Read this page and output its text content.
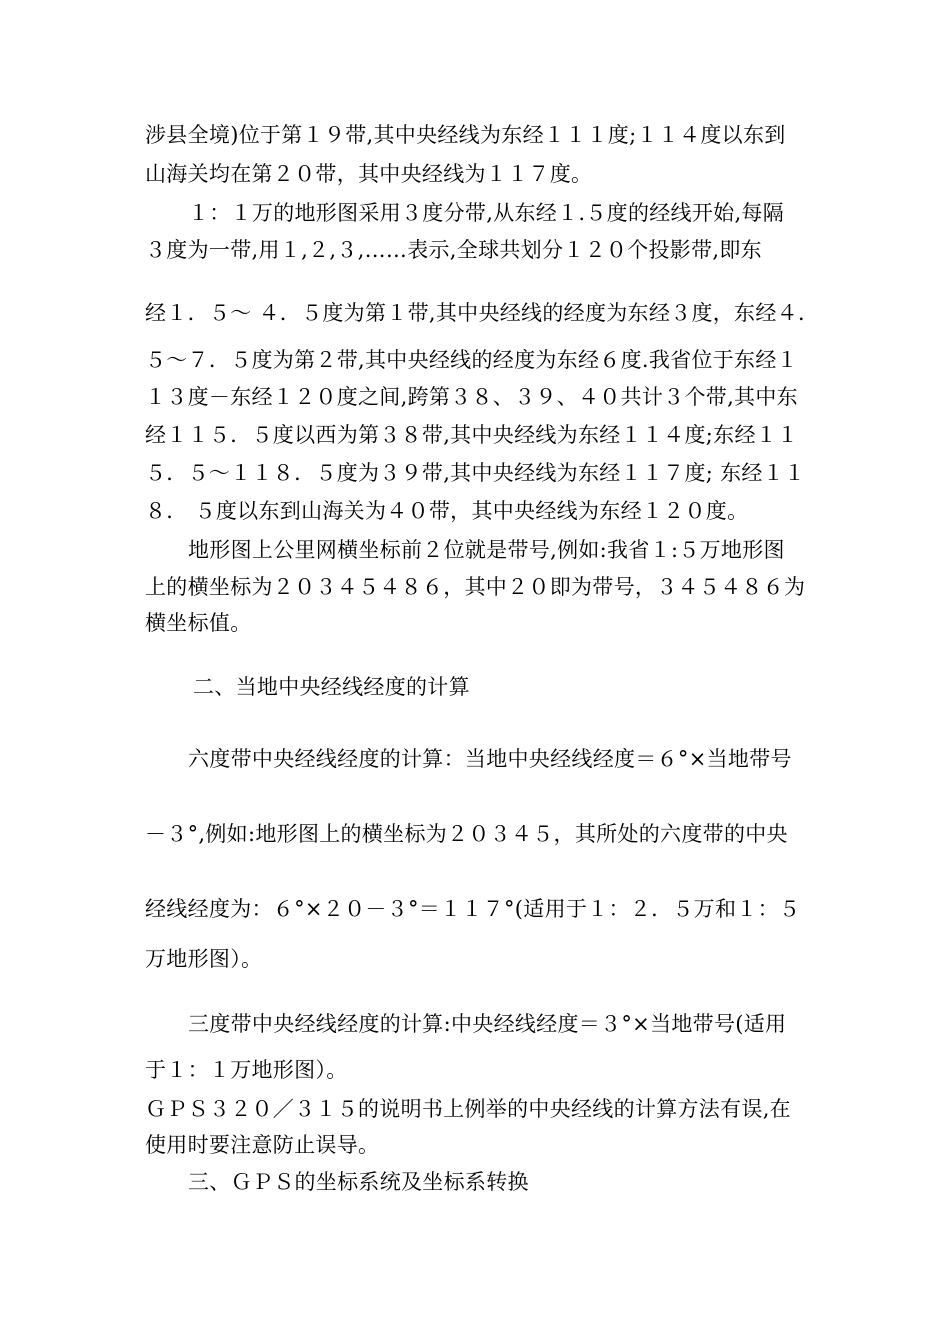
涉县全境)位于第１９带,其中央经线为东经１１１度;１１４度以东到
山海关均在第２０带，其中央经线为１１７度。
１：１万的地形图采用３度分带,从东经１.５度的经线开始,每隔
３度为一带,用１,２,３,……表示,全球共划分１２０个投影带,即东
经１．５～ ４．５度为第１带,其中央经线的经度为东经３度，东经４．
５～７．５度为第２带,其中央经线的经度为东经６度.我省位于东经１
１３度－东经１２０度之间,跨第３８、３９、４０共计３个带,其中东
经１１５．５度以西为第３８带,其中央经线为东经１１４度;东经１１
５．５～１１８．５度为３９带,其中央经线为东经１１７度; 东经１１
８． ５度以东到山海关为４０带，其中央经线为东经１２０度。
地形图上公里网横坐标前２位就是带号,例如:我省１:５万地形图
上的横坐标为２０３４５４８６，其中２０即为带号，３４５４８６为
横坐标值。
二、当地中央经线经度的计算
六度带中央经线经度的计算：当地中央经线经度＝６°×当地带号
－３°,例如:地形图上的横坐标为２０３４５，其所处的六度带的中央
经线经度为：６°×２０－３°＝１１７°(适用于１：２．５万和１：５
万地形图）。
三度带中央经线经度的计算:中央经线经度＝３°×当地带号(适用
于１：１万地形图）。
ＧＰＳ３２０／３１５的说明书上例举的中央经线的计算方法有误,在
使用时要注意防止误导。
三、ＧＰＳ的坐标系统及坐标系转换
